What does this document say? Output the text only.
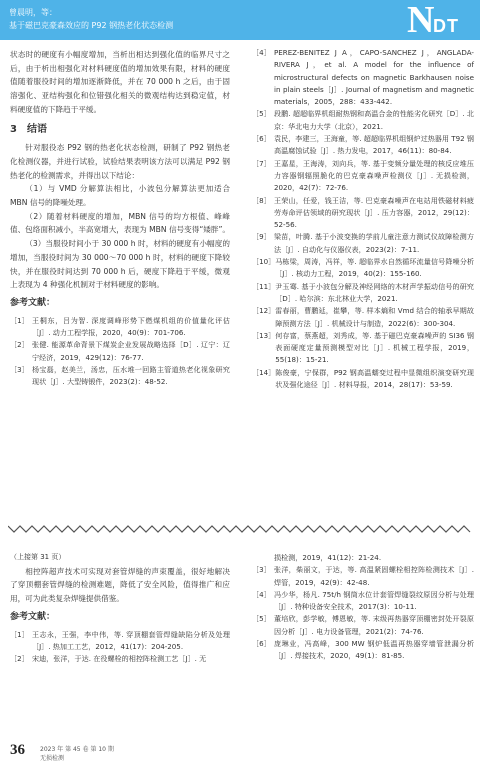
曾晨明，等：
基于磁巴克豪森效应的 P92 钢热老化状态检测	N
DT

状态时的硬度有小幅度增加，当析出相达到强化值的临界尺寸之后，由于析出相强化对材料硬度值的增加效果有限，材料的硬度值随着服役时间的增加逐渐降低，并在 70 000 h 之后，由于固溶强化、亚结构强化和位错强化相关的微观结构达到稳定值，材料硬度值的下降趋于平缓。

3　结语

针对服役态 P92 钢的热老化状态检测，研制了 P92 钢热老化检测仪器，并进行试验，试验结果表明该方法可以满足 P92 钢热老化的检测需求，并得出以下结论：

（1）与 VMD 分解算法相比，小波包分解算法更加适合 MBN 信号的降噪处理。

（2）随着材料硬度的增加，MBN 信号的均方根值、峰峰值、包络面积减小，半高宽增大，表现为 MBN 信号变得“矮胖”。

（3）当服役时间小于 30 000 h 时，材料的硬度有小幅度的增加，当服役时间为 30 000～70 000 h 时，材料的硬度下降较快，并在服役时间达到 70 000 h 后，硬度下降趋于平缓，微观上表现为 4 种强化机制对于材料硬度的影响。

参考文献：
［1］ 王桐东，吕为智. 深度调峰形势下燃煤机组的价值量化评估［J］. 动力工程学报，2020，40(9)：701-706.
［2］ 张健. 能源革命背景下煤炭企业发展战略选择［D］. 辽宁：辽宁经济，2019，429(12)：76-77.
［3］ 杨宝磊，赵美兰，汤忠，压水堆一回路主管道热老化视象研究现状［J］. 大型铸锻件，2023(2)：48-52.
［4］ PEREZ-BENITEZ J A，CAPO-SANCHEZ J，ANGLADA-RIVERA J，et al. A model for the influence of microstructural defects on magnetic Barkhausen noise in plain steels［J］. Journal of magnetism and magnetic materials，2005，288：433-442.
［5］ 段鹏. 超超临界机组耐热钢和高温合金的性能劣化研究［D］. 北京：华北电力大学（北京），2021.
［6］ 袁民，李建三，王海童，等. 超超临界机组钢炉过热器用 T92 钢高温腐蚀试验［J］. 热力发电，2017，46(11)：80-84.
［7］ 王嘉星，王海涛，刘向兵，等. 基于变频分量处理的核反应堆压力容器钢辐照脆化的巴克豪森噪声检测仪［J］. 无损检测，2020，42(7)：72-76.
［8］ 王荣山，任爱，钱王洁，等. 巴克豪森噪声在电站用铁磁材料疲劳寿命评估领域的研究现状［J］. 压力容器，2012，29(12)：52-56.
［9］ 梁苗，叶腾. 基于小波变换的学前儿童注意力测试仪故障检测方法［J］. 自动化与仪器仪表，2023(2)：7-11.
［10］ 马栋梁，周涛，冯祥，等. 超临界水自然循环流量信号降噪分析［J］. 核动力工程，2019，40(2)：155-160.
［11］ 尹玉骞. 基于小波包分解及神经网络的木材声学振动信号的研究［D］. 哈尔滨：东北林业大学，2021.
［12］ 雷春丽，曹鹏延，崔攀，等. 样本熵和 Vmd 结合的轴承早期故障预测方法［J］. 机械设计与制造，2022(6)：300-304.
［13］ 何存富，蔡燕超，刘秀成，等. 基于磁巴克豪森噪声的 SI36 钢表面硬度定量预测模型对比［J］. 机械工程学报，2019，55(18)：15-21.
［14］ 陈俊豪，宁保群，P92 钢高温蠕变过程中显微组织演变研究现状及强化途径［J］. 材料导报，2014，28(17)：53-59.
（上接第 31 页）

相控阵超声技术可实现对套管焊缝的声束覆盖，很好地解决了穿顶棚套管焊缝的检测难题，降低了安全风险，值得推广和应用，可为此类复杂焊缝提供借鉴。

参考文献：
［1］ 王志永，王强，李中伟，等. 穿顶棚套管焊缝缺陷分析及处理［J］. 热加工工艺，2012，41(17)：204-205.
［2］ 宋迪，张洋，于达. 在役螺栓的相控阵检测工艺［J］. 无
损检测，2019，41(12)：21-24.
［3］ 张洋，柴丽文，于达，等. 高温紧固螺栓相控阵检测技术［J］. 焊管，2019，42(9)：42-48.
［4］ 冯少华，杨凡. 75t/h 钢筒水位计套管焊缝裂纹原因分析与处理［J］. 特种设备安全技术，2017(3)：10-11.
［5］ 董培欣，彭学敏，傅恩敏，等. 末级再热器穿顶棚密封处开裂原因分析［J］. 电力设备管理，2021(2)：74-76.
［6］ 庞琳业，冯高峰，300 MW 钢炉低温再热器穿墙管泄漏分析［J］. 焊接技术，2020，49(1)：81-85.
36	2023 年 第 45 卷 第 10 期
无损检测
